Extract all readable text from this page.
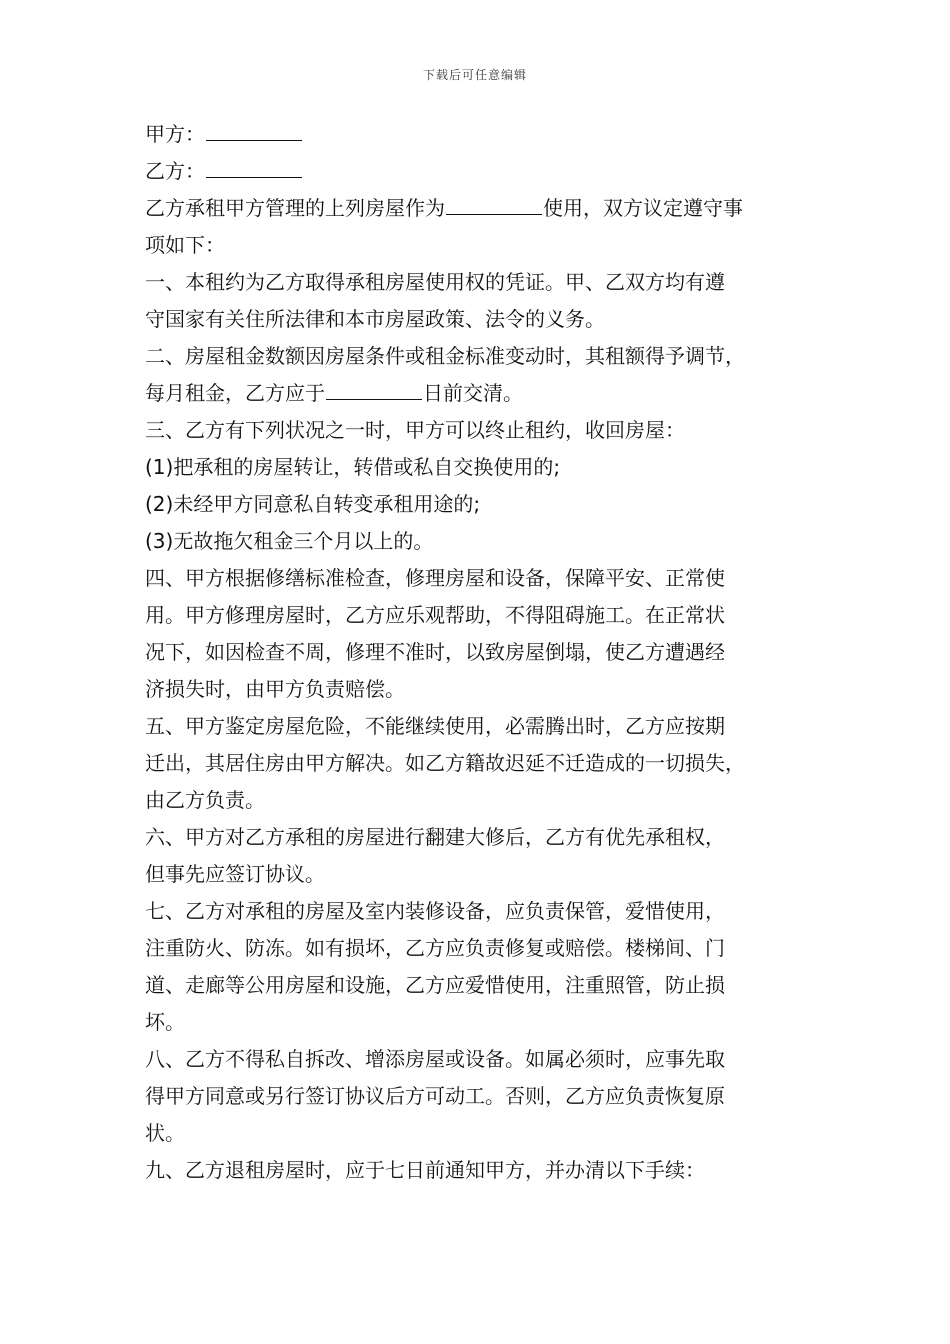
下载后可任意编辑
甲方：
乙方：
乙方承租甲方管理的上列房屋作为	使用，双方议定遵守事
项如下：
一、本租约为乙方取得承租房屋使用权的凭证。甲、乙双方均有遵
守国家有关住所法律和本市房屋政策、法令的义务。
二、房屋租金数额因房屋条件或租金标准变动时，其租额得予调节，
每月租金，乙方应于	日前交清。
三、乙方有下列状况之一时，甲方可以终止租约，收回房屋：
(1)把承租的房屋转让，转借或私自交换使用的;
(2)未经甲方同意私自转变承租用途的;
(3)无故拖欠租金三个月以上的。
四、甲方根据修缮标准检查，修理房屋和设备，保障平安、正常使
用。甲方修理房屋时，乙方应乐观帮助，不得阻碍施工。在正常状
况下，如因检查不周，修理不准时，以致房屋倒塌，使乙方遭遇经
济损失时，由甲方负责赔偿。
五、甲方鉴定房屋危险，不能继续使用，必需腾出时，乙方应按期
迁出，其居住房由甲方解决。如乙方籍故迟延不迁造成的一切损失，
由乙方负责。
六、甲方对乙方承租的房屋进行翻建大修后，乙方有优先承租权，
但事先应签订协议。
七、乙方对承租的房屋及室内装修设备，应负责保管，爱惜使用，
注重防火、防冻。如有损坏，乙方应负责修复或赔偿。楼梯间、门
道、走廊等公用房屋和设施，乙方应爱惜使用，注重照管，防止损
坏。
八、乙方不得私自拆改、增添房屋或设备。如属必须时，应事先取
得甲方同意或另行签订协议后方可动工。否则，乙方应负责恢复原
状。
九、乙方退租房屋时，应于七日前通知甲方，并办清以下手续：
